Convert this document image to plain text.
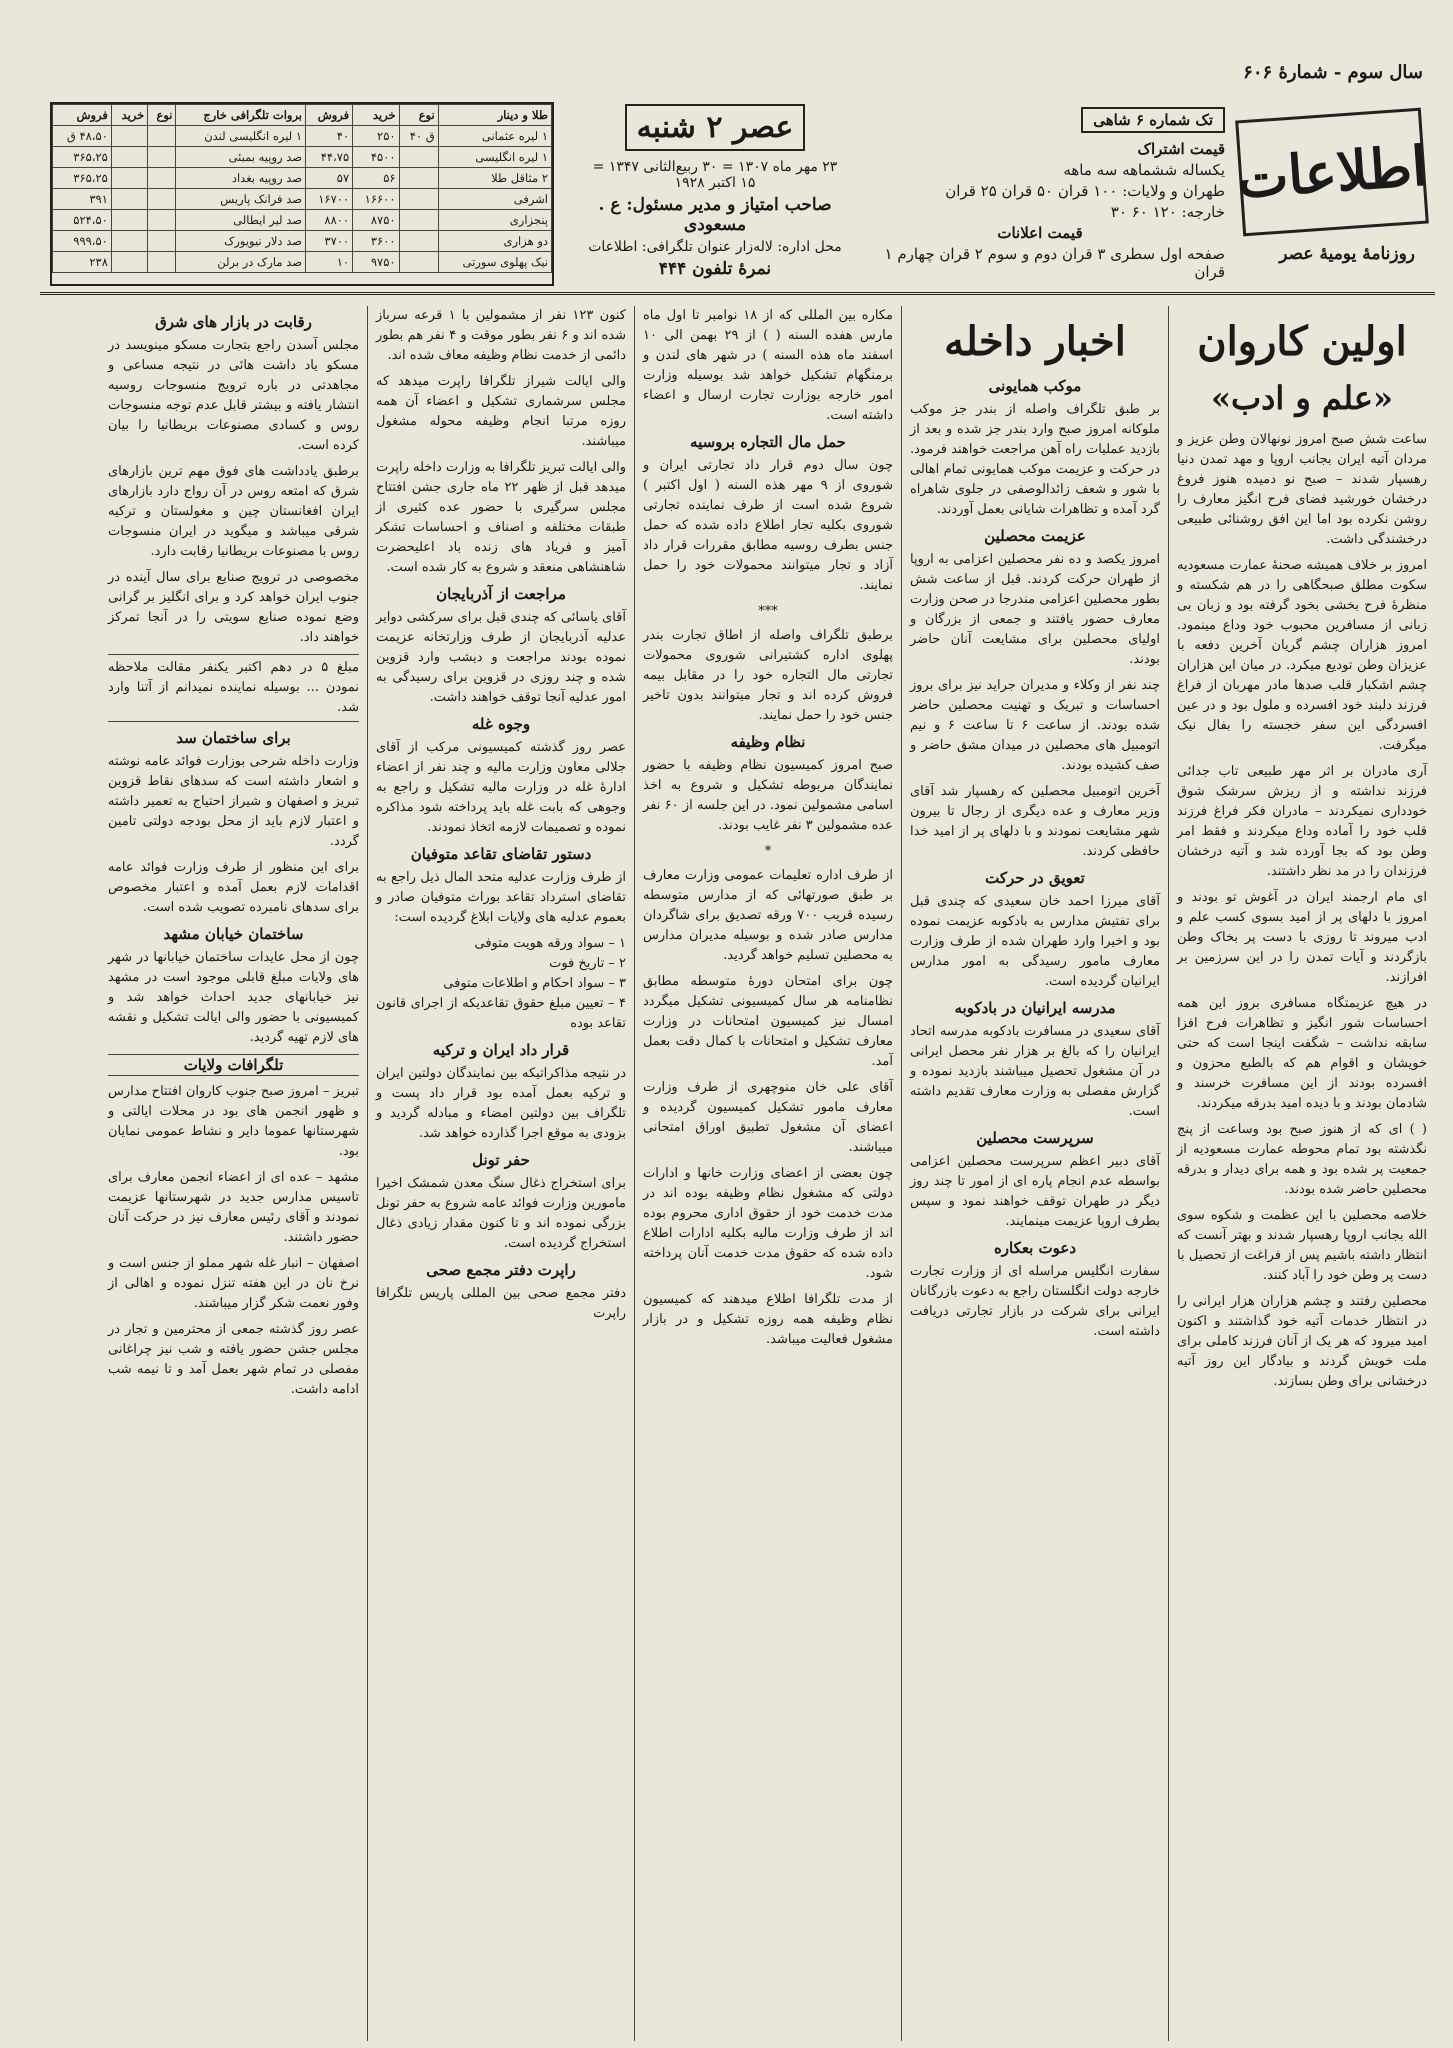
سال سوم - شمارهٔ ۶۰۶
اطلاعات
روزنامهٔ یومیهٔ عصر
تک شماره ۶ شاهی
قیمت اشتراک
یکساله ششماهه سه ماهه
طهران و ولایات: ۱۰۰ قران ۵۰ قران ۲۵ قران
خارجه: ۱۲۰ ۶۰ ۳۰
قیمت اعلانات
صفحه اول سطری ۳ قران دوم و سوم ۲ قران چهارم ۱ قران
عصر ۲ شنبه
۲۳ مهر ماه ۱۳۰۷ = ۳۰ ربیع‌الثانی ۱۳۴۷ = ۱۵ اکتبر ۱۹۲۸
صاحب امتیاز و مدیر مسئول: ع . مسعودی
محل اداره: لاله‌زار عنوان تلگرافی: اطلاعات
نمرهٔ تلفون ۴۴۴
طلا و دینار	نوع	خرید	فروش	بروات تلگرافی خارج	نوع	خرید	فروش
۱ لیره عثمانی	ق ۴۰	۲۵۰	۴۰	۱ لیره انگلیسی لندن			۴۸،۵۰ ق
۱ لیره انگلیسی		۴۵۰۰	۴۴،۷۵	صد روپیه بمبئی			۳۶۵،۲۵
۲ مثاقل طلا		۵۶	۵۷	صد روپیه بغداد			۳۶۵،۲۵
اشرفی		۱۶۶۰۰	۱۶۷۰۰	صد فرانک پاریس			۳۹۱
پنجزاری		۸۷۵۰	۸۸۰۰	صد لیر ایطالی			۵۲۴،۵۰
دو هزاری		۳۶۰۰	۳۷۰۰	صد دلار نیویورک			۹۹۹،۵۰
نیک پهلوی سورتی		۹۷۵۰	۱۰	صد مارک در برلن			۲۳۸
اولین کاروان
«علم و ادب»

ساعت شش صبح امروز نونهالان وطن عزیز و مردان آتیه ایران بجانب اروپا و مهد تمدن دنیا رهسپار شدند – صبح نو دمیده هنوز فروغ درخشان خورشید فضای فرح انگیز معارف را روشن نکرده بود اما این افق روشنائی طبیعی درخشندگی داشت.

امروز بر خلاف همیشه صحنهٔ عمارت مسعودیه سکوت مطلق صبحگاهی را در هم شکسته و منظرهٔ فرح بخشی بخود گرفته بود و زبان بی زبانی از مسافرین محبوب خود وداع مینمود. امروز هزاران چشم گریان آخرین دفعه با عزیزان وطن تودیع میکرد. در میان این هزاران چشم اشکبار قلب صدها مادر مهربان از فراغ فرزند دلبند خود افسرده و ملول بود و در عین افسردگی این سفر خجسته را بفال نیک میگرفت.

آری مادران بر اثر مهر طبیعی تاب جدائی فرزند نداشته و از ریزش سرشک شوق خودداری نمیکردند – مادران فکر فراغ فرزند قلب خود را آماده وداع میکردند و فقط امر وطن بود که بجا آورده شد و آتیه درخشان فرزندان را در مد نظر داشتند.

ای مام ارجمند ایران در آغوش تو بودند و امروز با دلهای پر از امید بسوی کسب علم و ادب میروند تا روزی با دست پر بخاک وطن بازگردند و آیات تمدن را در این سرزمین بر افرازند.

در هیچ عزیمتگاه مسافری بروز این همه احساسات شور انگیز و تظاهرات فرح افزا سابقه نداشت – شگفت اینجا است که حتی خویشان و اقوام هم که بالطبع محزون و افسرده بودند از این مسافرت خرسند و شادمان بودند و با دیده امید بدرقه میکردند.

( ) ای که از هنوز صبح بود وساعت از پنج نگذشته بود تمام محوطه عمارت مسعودیه از جمعیت پر شده بود و همه برای دیدار و بدرقه محصلین حاضر شده بودند.

خلاصه محصلین با این عظمت و شکوه سوی الله بجانب اروپا رهسپار شدند و بهتر آنست که انتظار داشته باشیم پس از فراغت از تحصیل با دست پر وطن خود را آباد کنند.

محصلین رفتند و چشم هزاران هزار ایرانی را در انتظار خدمات آتیه خود گذاشتند و اکنون امید میرود که هر یک از آنان فرزند کاملی برای ملت خویش گردند و بیادگار این روز آتیه درخشانی برای وطن بسازند.

اخبار داخله
موکب همایونی

بر طبق تلگراف واصله از بندر جز موکب ملوکانه امروز صبح وارد بندر جز شده و بعد از بازدید عملیات راه آهن مراجعت خواهند فرمود. در حرکت و عزیمت موکب همایونی تمام اهالی با شور و شعف زائدالوصفی در جلوی شاهراه گرد آمده و تظاهرات شایانی بعمل آوردند.

عزیمت محصلین

امروز یکصد و ده نفر محصلین اعزامی به اروپا از طهران حرکت کردند. قبل از ساعت شش بطور محصلین اعزامی مندرجا در صحن وزارت معارف حضور یافتند و جمعی از بزرگان و اولیای محصلین برای مشایعت آنان حاضر بودند.

چند نفر از وکلاء و مدیران جراید نیز برای بروز احساسات و تبریک و تهنیت محصلین حاضر شده بودند. از ساعت ۶ تا ساعت ۶ و نیم اتومبیل های محصلین در میدان مشق حاضر و صف کشیده بودند.

آخرین اتومبیل محصلین که رهسپار شد آقای وزیر معارف و عده دیگری از رجال تا بیرون شهر مشایعت نمودند و با دلهای پر از امید خدا حافظی کردند.

تعویق در حرکت

آقای میرزا احمد خان سعیدی که چندی قبل برای تفتیش مدارس به بادکوبه عزیمت نموده بود و اخیرا وارد طهران شده از طرف وزارت معارف مامور رسیدگی به امور مدارس ایرانیان گردیده است.

مدرسه ایرانیان در بادکوبه

آقای سعیدی در مسافرت بادکوبه مدرسه اتحاد ایرانیان را که بالغ بر هزار نفر محصل ایرانی در آن مشغول تحصیل میباشند بازدید نموده و گزارش مفصلی به وزارت معارف تقدیم داشته است.

سرپرست محصلین

آقای دبیر اعظم سرپرست محصلین اعزامی بواسطه عدم انجام پاره ای از امور تا چند روز دیگر در طهران توقف خواهند نمود و سپس بطرف اروپا عزیمت مینمایند.

دعوت بعکاره

سفارت انگلیس مراسله ای از وزارت تجارت خارجه دولت انگلستان راجع به دعوت بازرگانان ایرانی برای شرکت در بازار تجارتی دریافت داشته است.

مکاره بین المللی که از ۱۸ نوامبر تا اول ماه مارس هفده السنه ( ) از ۲۹ بهمن الی ۱۰ اسفند ماه هذه السنه ) در شهر های لندن و برمنگهام تشکیل خواهد شد بوسیله وزارت امور خارجه بوزارت تجارت ارسال و اعضاء داشته است.

حمل مال التجاره بروسیه

چون سال دوم قرار داد تجارتی ایران و شوروی از ۹ مهر هذه السنه ( اول اکتبر ) شروع شده است از طرف نماینده تجارتی شوروی بکلیه تجار اطلاع داده شده که حمل جنس بطرف روسیه مطابق مقررات قرار داد آزاد و تجار میتوانند محمولات خود را حمل نمایند.

***

برطبق تلگراف واصله از اطاق تجارت بندر پهلوی اداره کشتیرانی شوروی محمولات تجارتی مال التجاره خود را در مقابل بیمه فروش کرده اند و تجار میتوانند بدون تاخیر جنس خود را حمل نمایند.

نظام وظیفه

صبح امروز کمیسیون نظام وظیفه با حضور نمایندگان مربوطه تشکیل و شروع به اخذ اسامی مشمولین نمود. در این جلسه از ۶۰ نفر عده مشمولین ۳ نفر غایب بودند.

*

از طرف اداره تعلیمات عمومی وزارت معارف بر طبق صورتهائی که از مدارس متوسطه رسیده قریب ۷۰۰ ورقه تصدیق برای شاگردان مدارس صادر شده و بوسیله مدیران مدارس به محصلین تسلیم خواهد گردید.

چون برای امتحان دورهٔ متوسطه مطابق نظامنامه هر سال کمیسیونی تشکیل میگردد امسال نیز کمیسیون امتحانات در وزارت معارف تشکیل و امتحانات با کمال دقت بعمل آمد.

آقای علی خان منوچهری از طرف وزارت معارف مامور تشکیل کمیسیون گردیده و اعضای آن مشغول تطبیق اوراق امتحانی میباشند.

چون بعضی از اعضای وزارت خانها و ادارات دولتی که مشغول نظام وظیفه بوده اند در مدت خدمت خود از حقوق اداری محروم بوده اند از طرف وزارت مالیه بکلیه ادارات اطلاع داده شده که حقوق مدت خدمت آنان پرداخته شود.

از مدت تلگرافا اطلاع میدهند که کمیسیون نظام وظیفه همه روزه تشکیل و در بازار مشغول فعالیت میباشد.

کنون ۱۲۳ نفر از مشمولین با ۱ قرعه سرباز شده اند و ۶ نفر بطور موقت و ۴ نفر هم بطور دائمی از خدمت نظام وظیفه معاف شده اند.

والی ایالت شیراز تلگرافا راپرت میدهد که مجلس سرشماری تشکیل و اعضاء آن همه روزه مرتبا انجام وظیفه محوله مشغول میباشند.

والی ایالت تبریز تلگرافا به وزارت داخله راپرت میدهد قبل از ظهر ۲۲ ماه جاری جشن افتتاح مجلس سرگیری با حضور عده کثیری از طبقات مختلفه و اصناف و احساسات تشکر آمیز و فریاد های زنده باد اعلیحضرت شاهنشاهی منعقد و شروع به کار شده است.

مراجعت از آذربایجان

آقای یاسائی که چندی قبل برای سرکشی دوایر عدلیه آذربایجان از طرف وزارتخانه عزیمت نموده بودند مراجعت و دیشب وارد قزوین شده و چند روزی در قزوین برای رسیدگی به امور عدلیه آنجا توقف خواهند داشت.

وجوه غله

عصر روز گذشته کمیسیونی مرکب از آقای جلالی معاون وزارت مالیه و چند نفر از اعضاء ادارهٔ غله در وزارت مالیه تشکیل و راجع به وجوهی که بابت غله باید پرداخته شود مذاکره نموده و تصمیمات لازمه اتخاذ نمودند.

دستور تقاضای تقاعد متوفیان

از طرف وزارت عدلیه متحد المال ذیل راجع به تقاضای استرداد تقاعد بوراث متوفیان صادر و بعموم عدلیه های ولایات ابلاغ گردیده است:

۱ – سواد ورقه هویت متوفی
۲ – تاریخ فوت
۳ – سواد احکام و اطلاعات متوفی
۴ – تعیین مبلغ حقوق تقاعدیکه از اجرای قانون تقاعد بوده
قرار داد ایران و ترکیه

در نتیجه مذاکراتیکه بین نمایندگان دولتین ایران و ترکیه بعمل آمده بود قرار داد پست و تلگراف بین دولتین امضاء و مبادله گردید و بزودی به موقع اجرا گذارده خواهد شد.

حفر تونل

برای استخراج ذغال سنگ معدن شمشک اخیرا مامورین وزارت فوائد عامه شروع به حفر تونل بزرگی نموده اند و تا کنون مقدار زیادی ذغال استخراج گردیده است.

راپرت دفتر مجمع صحی

دفتر مجمع صحی بین المللی پاریس تلگرافا راپرت

رقابت در بازار های شرق

مجلس آسدن راجع بتجارت مسکو مینویسد در مسکو یاد داشت هائی در نتیجه مساعی و مجاهدتی در باره ترویج منسوجات روسیه انتشار یافته و بیشتر قابل عدم توجه منسوجات روس و کسادی مصنوعات بریطانیا را بیان کرده است.

برطبق یادداشت های فوق مهم ترین بازارهای شرق که امتعه روس در آن رواج دارد بازارهای ایران افغانستان چین و مغولستان و ترکیه شرقی میباشد و میگوید در ایران منسوجات روس با مصنوعات بریطانیا رقابت دارد.

مخصوصی در ترویج صنایع برای سال آینده در جنوب ایران خواهد کرد و برای انگلیز بر گرانی وضع نموده صنایع سویتی را در آنجا تمرکز خواهند داد.

مبلغ ۵ در دهم اکتبر یکنفر مقالت ملاحظه نمودن ... بوسیله نماینده نمیدانم از آتنا وارد شد.

برای ساختمان سد

وزارت داخله شرحی بوزارت فوائد عامه نوشته و اشعار داشته است که سدهای نقاط قزوین تبریز و اصفهان و شیراز احتیاج به تعمیر داشته و اعتبار لازم باید از محل بودجه دولتی تامین گردد.

برای این منظور از طرف وزارت فوائد عامه اقدامات لازم بعمل آمده و اعتبار مخصوص برای سدهای نامبرده تصویب شده است.

ساختمان خیابان مشهد

چون از محل عایدات ساختمان خیابانها در شهر های ولایات مبلغ قابلی موجود است در مشهد نیز خیابانهای جدید احداث خواهد شد و کمیسیونی با حضور والی ایالت تشکیل و نقشه های لازم تهیه گردید.

تلگرافات ولایات

تبریز – امروز صبح جنوب کاروان افتتاح مدارس و ظهور انجمن های بود در محلات ایالتی و شهرستانها عموما دایر و نشاط عمومی نمایان بود.

مشهد – عده ای از اعضاء انجمن معارف برای تاسیس مدارس جدید در شهرستانها عزیمت نمودند و آقای رئیس معارف نیز در حرکت آنان حضور داشتند.

اصفهان – انبار غله شهر مملو از جنس است و نرخ نان در این هفته تنزل نموده و اهالی از وفور نعمت شکر گزار میباشند.

عصر روز گذشته جمعی از محترمین و تجار در مجلس جشن حضور یافته و شب نیز چراغانی مفصلی در تمام شهر بعمل آمد و تا نیمه شب ادامه داشت.
